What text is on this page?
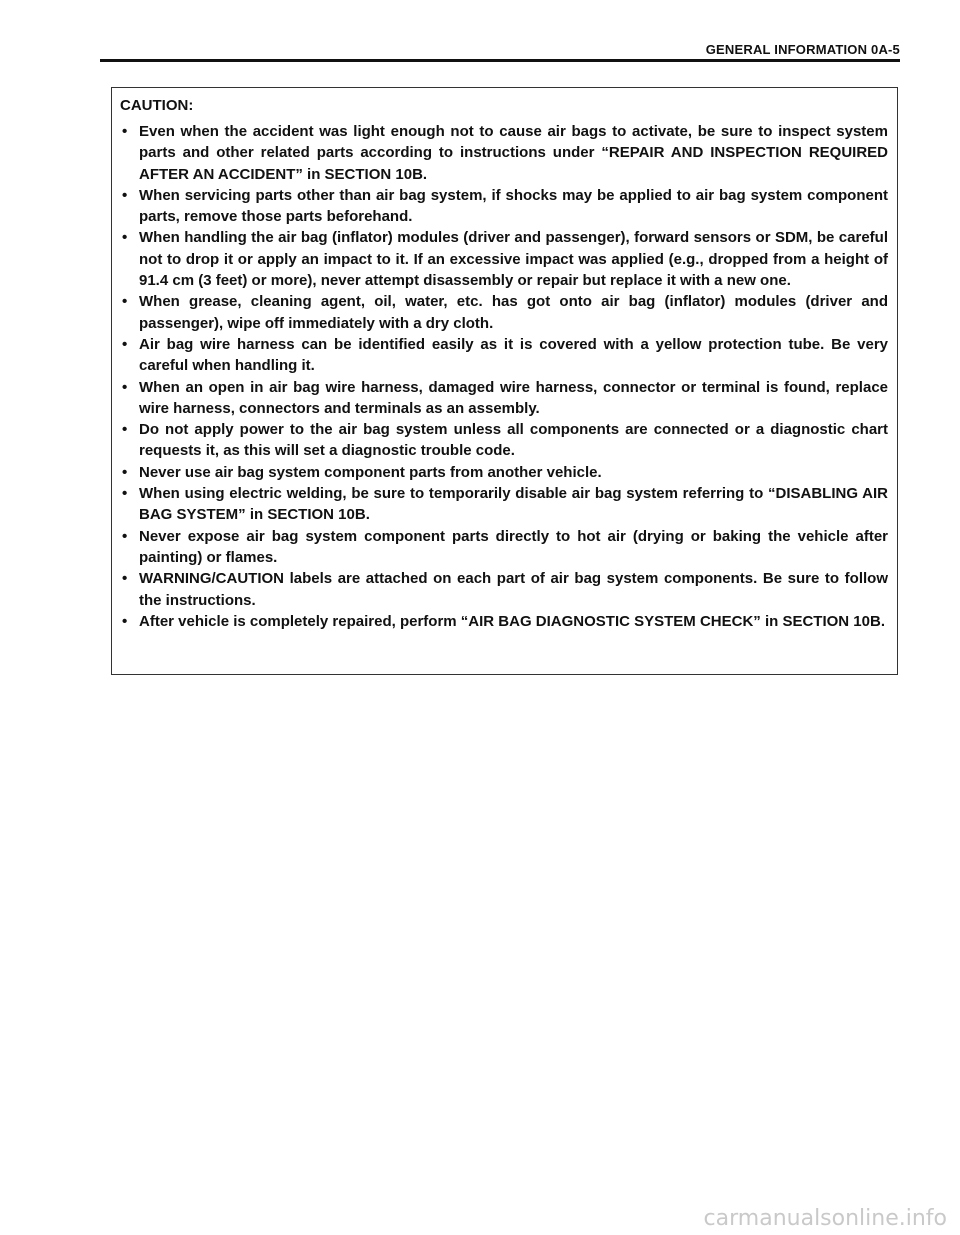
GENERAL INFORMATION 0A-5
CAUTION:
• Even when the accident was light enough not to cause air bags to activate, be sure to inspect system parts and other related parts according to instructions under “REPAIR AND INSPECTION REQUIRED AFTER AN ACCIDENT” in SECTION 10B.
• When servicing parts other than air bag system, if shocks may be applied to air bag system component parts, remove those parts beforehand.
• When handling the air bag (inflator) modules (driver and passenger), forward sensors or SDM, be careful not to drop it or apply an impact to it. If an excessive impact was applied (e.g., dropped from a height of 91.4 cm (3 feet) or more), never attempt disassembly or repair but replace it with a new one.
• When grease, cleaning agent, oil, water, etc. has got onto air bag (inflator) modules (driver and passenger), wipe off immediately with a dry cloth.
• Air bag wire harness can be identified easily as it is covered with a yellow protection tube. Be very careful when handling it.
• When an open in air bag wire harness, damaged wire harness, connector or terminal is found, replace wire harness, connectors and terminals as an assembly.
• Do not apply power to the air bag system unless all components are connected or a diagnostic chart requests it, as this will set a diagnostic trouble code.
• Never use air bag system component parts from another vehicle.
• When using electric welding, be sure to temporarily disable air bag system referring to “DISABLING AIR BAG SYSTEM” in SECTION 10B.
• Never expose air bag system component parts directly to hot air (drying or baking the vehicle after painting) or flames.
• WARNING/CAUTION labels are attached on each part of air bag system components. Be sure to follow the instructions.
• After vehicle is completely repaired, perform “AIR BAG DIAGNOSTIC SYSTEM CHECK” in SECTION 10B.
carmanualsonline.info
